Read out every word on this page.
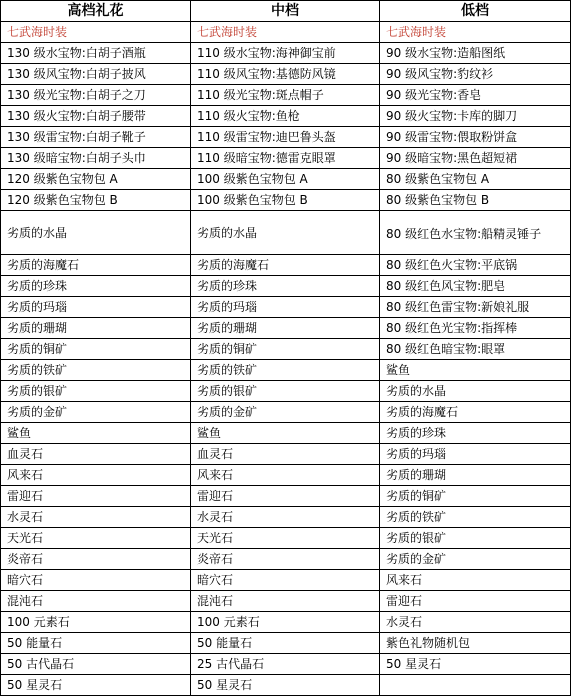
高档礼花	中档	低档
七武海时装	七武海时装	七武海时装
130 级水宝物:白胡子酒瓶	110 级水宝物:海神御宝前	90 级水宝物:造船图纸
130 级风宝物:白胡子披风	110 级风宝物:基德防风镜	90 级风宝物:豹纹衫
130 级光宝物:白胡子之刀	110 级光宝物:斑点帽子	90 级光宝物:香皂
130 级火宝物:白胡子腰带	110 级火宝物:鱼枪	90 级火宝物:卡库的脚刀
130 级雷宝物:白胡子靴子	110 级雷宝物:迪巴鲁头盔	90 级雷宝物:偎取粉饼盒
130 级暗宝物:白胡子头巾	110 级暗宝物:德雷克眼罩	90 级暗宝物:黑色超短裙
120 级紫色宝物包 A	100 级紫色宝物包 A	80 级紫色宝物包 A
120 级紫色宝物包 B	100 级紫色宝物包 B	80 级紫色宝物包 B
劣质的水晶	劣质的水晶	80 级红色水宝物:船精灵锤子
劣质的海魔石	劣质的海魔石	80 级红色火宝物:平底锅
劣质的珍珠	劣质的珍珠	80 级红色风宝物:肥皂
劣质的玛瑙	劣质的玛瑙	80 级红色雷宝物:新娘礼服
劣质的珊瑚	劣质的珊瑚	80 级红色光宝物:指挥棒
劣质的铜矿	劣质的铜矿	80 级红色暗宝物:眼罩
劣质的铁矿	劣质的铁矿	鲨鱼
劣质的银矿	劣质的银矿	劣质的水晶
劣质的金矿	劣质的金矿	劣质的海魔石
鲨鱼	鲨鱼	劣质的珍珠
血灵石	血灵石	劣质的玛瑙
风来石	风来石	劣质的珊瑚
雷迎石	雷迎石	劣质的铜矿
水灵石	水灵石	劣质的铁矿
天光石	天光石	劣质的银矿
炎帝石	炎帝石	劣质的金矿
暗穴石	暗穴石	风来石
混沌石	混沌石	雷迎石
100 元素石	100 元素石	水灵石
50 能量石	50 能量石	紫色礼物随机包
50 古代晶石	25 古代晶石	50 星灵石
50 星灵石	50 星灵石	
